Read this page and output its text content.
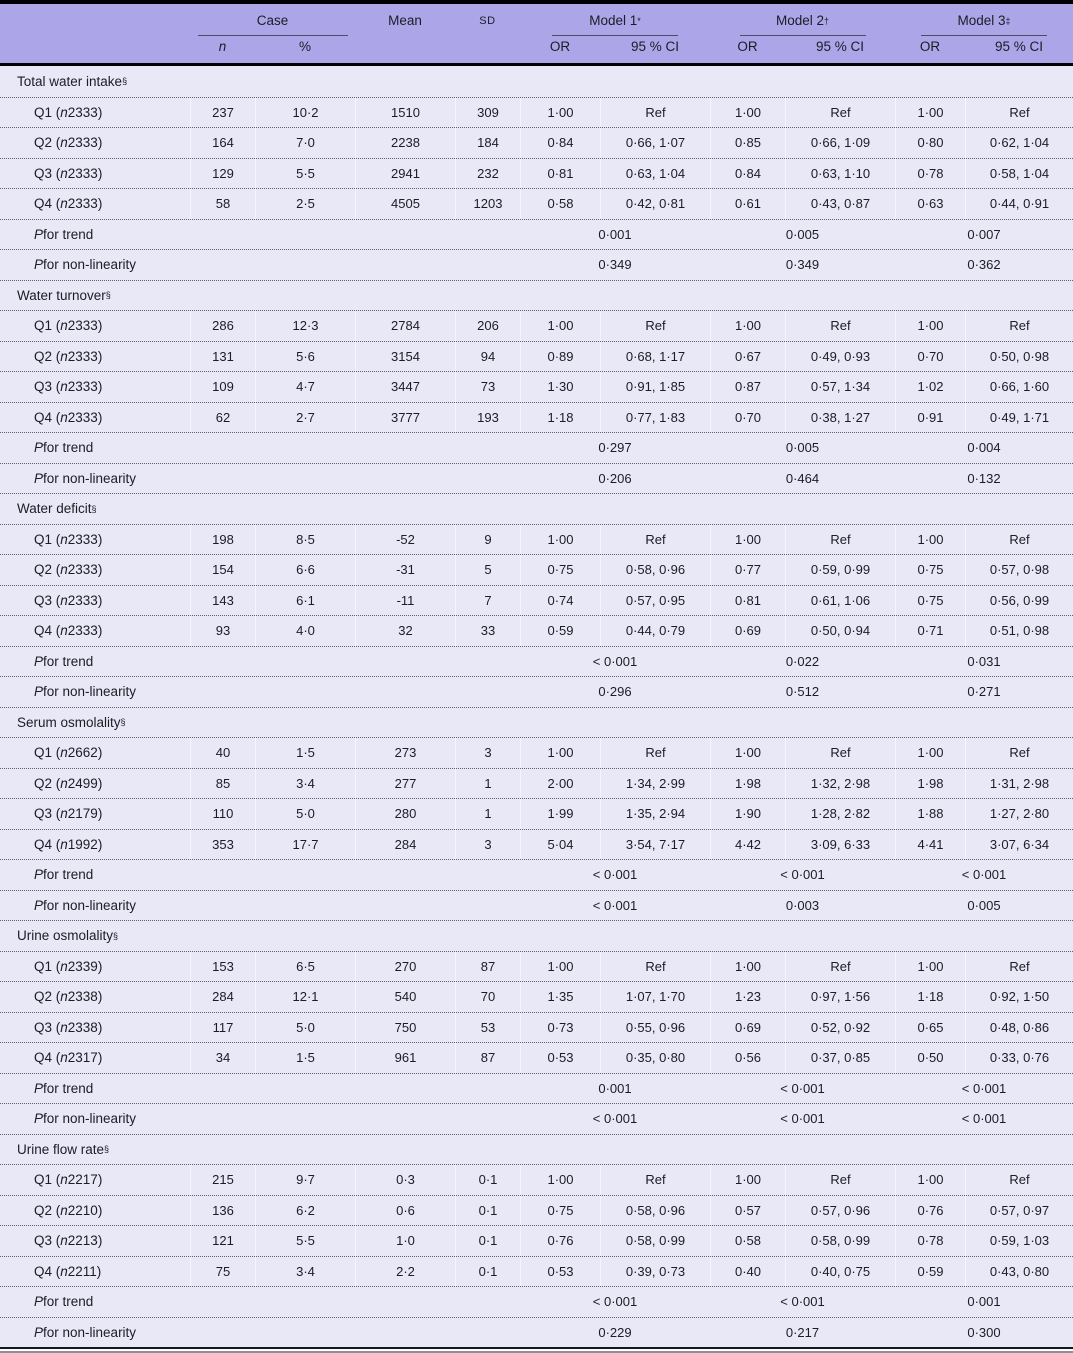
Case	Mean	SD	Model 1 *	Model 2 †	Model 3 ‡
n	%	OR	95 % CI	OR	95 % CI	OR	95 % CI
Total water intake §
Q1 ( n 2333)	237	10·2	1510	309	1·00	Ref	1·00	Ref	1·00	Ref
Q2 ( n 2333)	164	7·0	2238	184	0·84	0·66, 1·07	0·85	0·66, 1·09	0·80	0·62, 1·04
Q3 ( n 2333)	129	5·5	2941	232	0·81	0·63, 1·04	0·84	0·63, 1·10	0·78	0·58, 1·04
Q4 ( n 2333)	58	2·5	4505	1203	0·58	0·42, 0·81	0·61	0·43, 0·87	0·63	0·44, 0·91
P for trend	0·001	0·005	0·007
P for non-linearity	0·349	0·349	0·362
Water turnover §
Q1 ( n 2333)	286	12·3	2784	206	1·00	Ref	1·00	Ref	1·00	Ref
Q2 ( n 2333)	131	5·6	3154	94	0·89	0·68, 1·17	0·67	0·49, 0·93	0·70	0·50, 0·98
Q3 ( n 2333)	109	4·7	3447	73	1·30	0·91, 1·85	0·87	0·57, 1·34	1·02	0·66, 1·60
Q4 ( n 2333)	62	2·7	3777	193	1·18	0·77, 1·83	0·70	0·38, 1·27	0·91	0·49, 1·71
P for trend	0·297	0·005	0·004
P for non-linearity	0·206	0·464	0·132
Water deficit §
Q1 ( n 2333)	198	8·5	-52	9	1·00	Ref	1·00	Ref	1·00	Ref
Q2 ( n 2333)	154	6·6	-31	5	0·75	0·58, 0·96	0·77	0·59, 0·99	0·75	0·57, 0·98
Q3 ( n 2333)	143	6·1	-11	7	0·74	0·57, 0·95	0·81	0·61, 1·06	0·75	0·56, 0·99
Q4 ( n 2333)	93	4·0	32	33	0·59	0·44, 0·79	0·69	0·50, 0·94	0·71	0·51, 0·98
P for trend	< 0·001	0·022	0·031
P for non-linearity	0·296	0·512	0·271
Serum osmolality §
Q1 ( n 2662)	40	1·5	273	3	1·00	Ref	1·00	Ref	1·00	Ref
Q2 ( n 2499)	85	3·4	277	1	2·00	1·34, 2·99	1·98	1·32, 2·98	1·98	1·31, 2·98
Q3 ( n 2179)	110	5·0	280	1	1·99	1·35, 2·94	1·90	1·28, 2·82	1·88	1·27, 2·80
Q4 ( n 1992)	353	17·7	284	3	5·04	3·54, 7·17	4·42	3·09, 6·33	4·41	3·07, 6·34
P for trend	< 0·001	< 0·001	< 0·001
P for non-linearity	< 0·001	0·003	0·005
Urine osmolality §
Q1 ( n 2339)	153	6·5	270	87	1·00	Ref	1·00	Ref	1·00	Ref
Q2 ( n 2338)	284	12·1	540	70	1·35	1·07, 1·70	1·23	0·97, 1·56	1·18	0·92, 1·50
Q3 ( n 2338)	117	5·0	750	53	0·73	0·55, 0·96	0·69	0·52, 0·92	0·65	0·48, 0·86
Q4 ( n 2317)	34	1·5	961	87	0·53	0·35, 0·80	0·56	0·37, 0·85	0·50	0·33, 0·76
P for trend	0·001	< 0·001	< 0·001
P for non-linearity	< 0·001	< 0·001	< 0·001
Urine flow rate §
Q1 ( n 2217)	215	9·7	0·3	0·1	1·00	Ref	1·00	Ref	1·00	Ref
Q2 ( n 2210)	136	6·2	0·6	0·1	0·75	0·58, 0·96	0·57	0·57, 0·96	0·76	0·57, 0·97
Q3 ( n 2213)	121	5·5	1·0	0·1	0·76	0·58, 0·99	0·58	0·58, 0·99	0·78	0·59, 1·03
Q4 ( n 2211)	75	3·4	2·2	0·1	0·53	0·39, 0·73	0·40	0·40, 0·75	0·59	0·43, 0·80
P for trend	< 0·001	< 0·001	0·001
P for non-linearity	0·229	0·217	0·300
